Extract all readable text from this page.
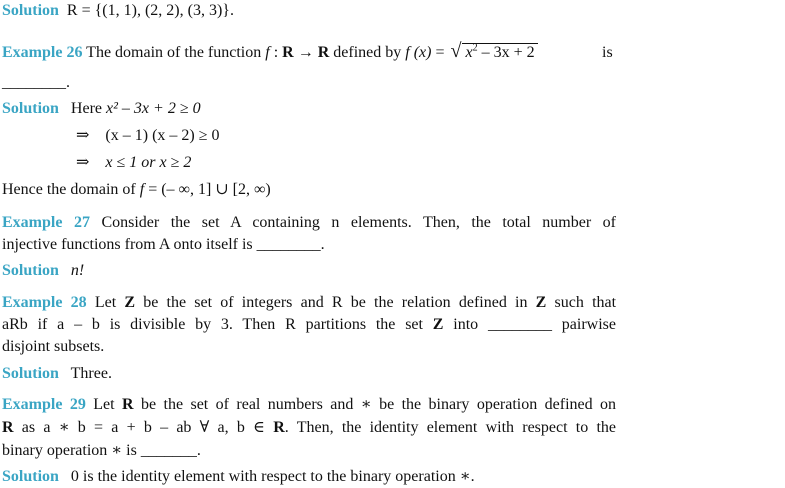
Solution R = {(1, 1), (2, 2), (3, 3)}.
Example 26 The domain of the function f : R → R defined by f (x) = √ $x^2 - 3x + 2$	is
________.
Solution Here x² – 3x + 2 ≥ 0
⇒ (x – 1) (x – 2) ≥ 0
⇒ x ≤ 1 or x ≥ 2
Hence the domain of f = (– ∞, 1] ∪ [2, ∞)
Example 27 Consider the set A containing n elements. Then, the total number of
injective functions from A onto itself is ________.
Solution n!
Example 28 Let Z be the set of integers and R be the relation defined in Z such that
aRb if a – b is divisible by 3. Then R partitions the set Z into ________ pairwise
disjoint subsets.
Solution Three.
Example 29 Let R be the set of real numbers and ∗ be the binary operation defined on
R as a ∗ b = a + b – ab ∀ a, b ∈ R. Then, the identity element with respect to the
binary operation ∗ is _______.
Solution 0 is the identity element with respect to the binary operation ∗.
